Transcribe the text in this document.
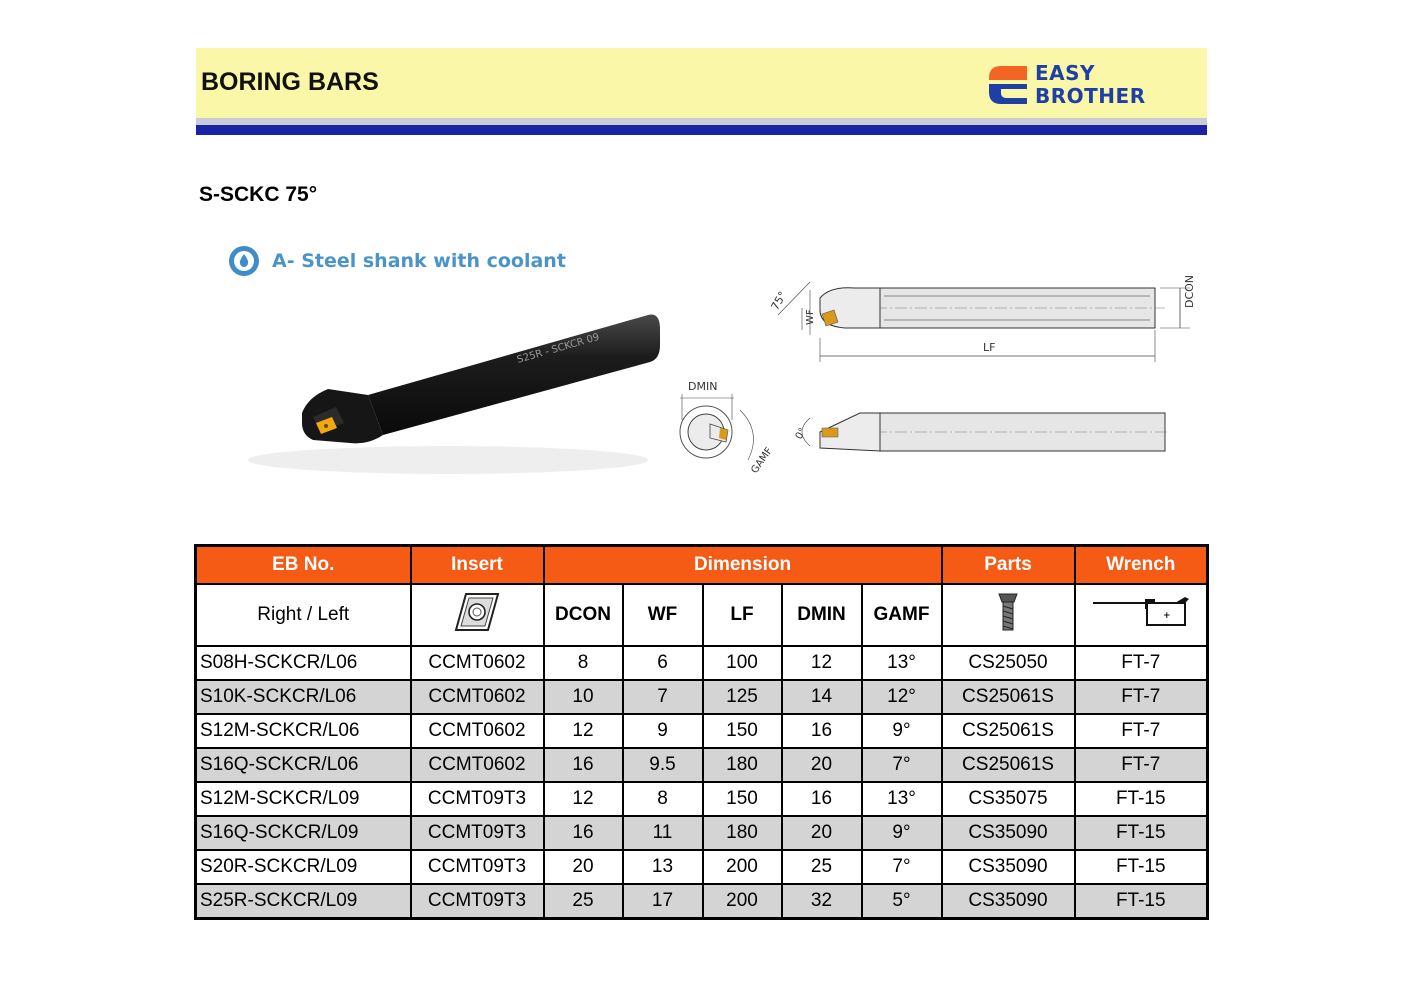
BORING BARS	EASY
BROTHER
S-SCKC 75°
A- Steel shank with coolant
S25R - SCKCR 09
75°
WF
LF
DCON
DMIN
GAMF
0°
EB No.	Insert	Dimension					Parts	Wrench
Right / Left		DCON	WF	LF	DMIN	GAMF		+

S08H-SCKCR/L06	CCMT0602	8	6	100	12	13°	CS25050	FT-7
S10K-SCKCR/L06	CCMT0602	10	7	125	14	12°	CS25061S	FT-7
S12M-SCKCR/L06	CCMT0602	12	9	150	16	9°	CS25061S	FT-7
S16Q-SCKCR/L06	CCMT0602	16	9.5	180	20	7°	CS25061S	FT-7
S12M-SCKCR/L09	CCMT09T3	12	8	150	16	13°	CS35075	FT-15
S16Q-SCKCR/L09	CCMT09T3	16	11	180	20	9°	CS35090	FT-15
S20R-SCKCR/L09	CCMT09T3	20	13	200	25	7°	CS35090	FT-15
S25R-SCKCR/L09	CCMT09T3	25	17	200	32	5°	CS35090	FT-15
